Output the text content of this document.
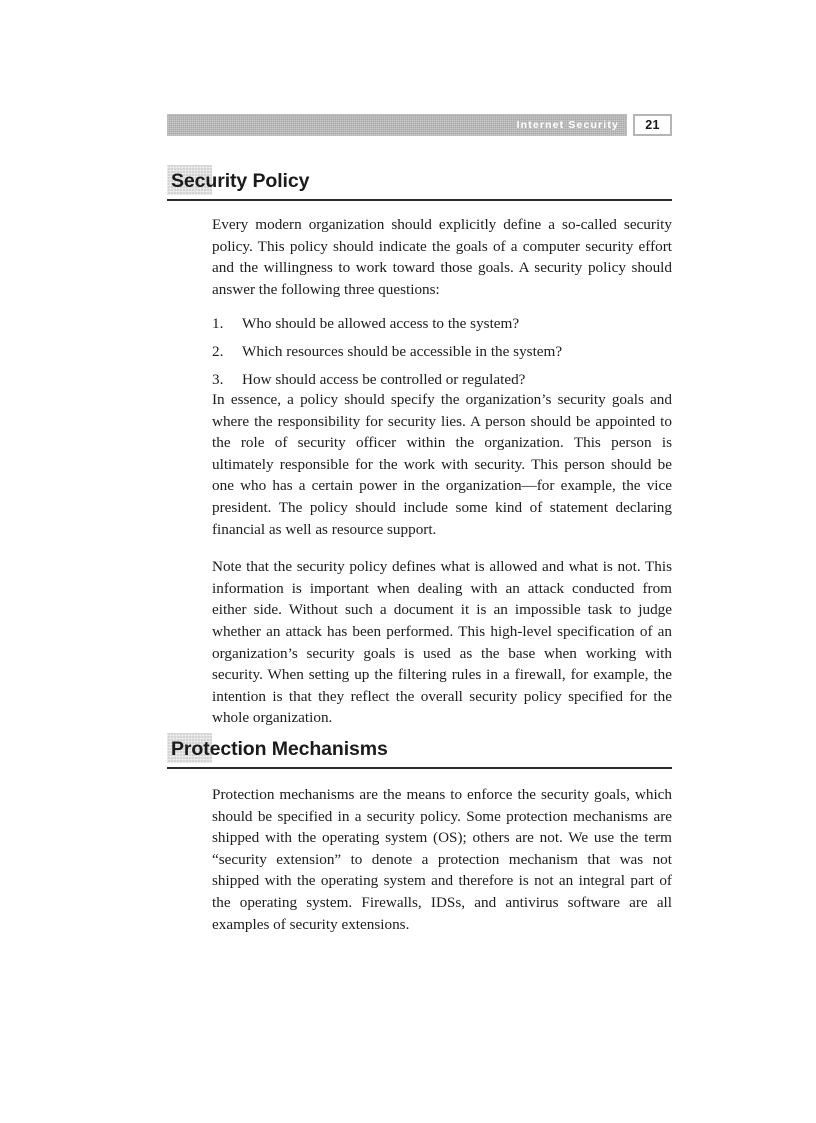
Internet Security 21
Security Policy

Every modern organization should explicitly define a so-called security policy. This policy should indicate the goals of a computer security effort and the willingness to work toward those goals. A security policy should answer the following three questions:

1. Who should be allowed access to the system?
2. Which resources should be accessible in the system?
3. How should access be controlled or regulated?

In essence, a policy should specify the organization’s security goals and where the responsibility for security lies. A person should be appointed to the role of security officer within the organization. This person is ultimately responsible for the work with security. This person should be one who has a certain power in the organization—for example, the vice president. The policy should include some kind of statement declaring financial as well as resource support.

Note that the security policy defines what is allowed and what is not. This information is important when dealing with an attack conducted from either side. Without such a document it is an impossible task to judge whether an attack has been performed. This high-level specification of an organization’s security goals is used as the base when working with security. When setting up the filtering rules in a firewall, for example, the intention is that they reflect the overall security policy specified for the whole organization.

Protection Mechanisms

Protection mechanisms are the means to enforce the security goals, which should be specified in a security policy. Some protection mechanisms are shipped with the operating system (OS); others are not. We use the term “security extension” to denote a protection mechanism that was not shipped with the operating system and therefore is not an integral part of the operating system. Firewalls, IDSs, and antivirus software are all examples of security extensions.
